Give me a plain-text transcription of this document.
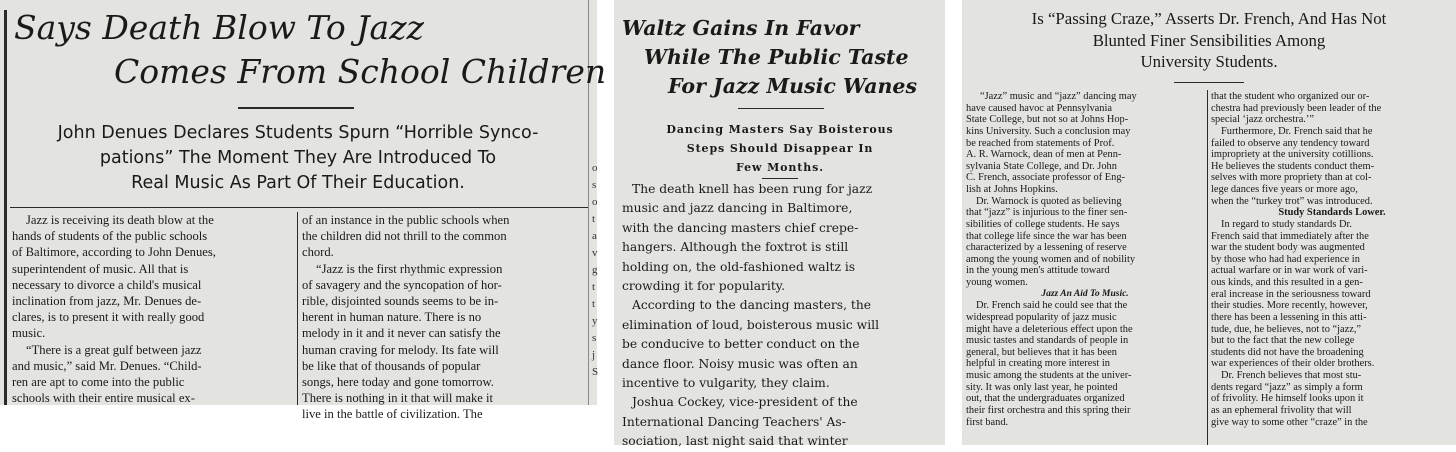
Says Death Blow To Jazz
Comes From School Children
John Denues Declares Students Spurn “Horrible Synco-
pations” The Moment They Are Introduced To
Real Music As Part Of Their Education.
Jazz is receiving its death blow at the
hands of students of the public schools
of Baltimore, according to John Denues,
superintendent of music. All that is
necessary to divorce a child's musical
inclination from jazz, Mr. Denues de-
clares, is to present it with really good
music.
“There is a great gulf between jazz
and music,” said Mr. Denues. “Child-
ren are apt to come into the public
schools with their entire musical ex-
of an instance in the public schools when
the children did not thrill to the common
chord.
“Jazz is the first rhythmic expression
of savagery and the syncopation of hor-
rible, disjointed sounds seems to be in-
herent in human nature. There is no
melody in it and it never can satisfy the
human craving for melody. Its fate will
be like that of thousands of popular
songs, here today and gone tomorrow.
There is nothing in it that will make it
live in the battle of civilization. The
o
s
o
t
a
v
g
t
t
y
s
j
S
Waltz Gains In Favor
While The Public Taste
For Jazz Music Wanes
Dancing Masters Say Boisterous
Steps Should Disappear In
Few Months.
The death knell has been rung for jazz
music and jazz dancing in Baltimore,
with the dancing masters chief crepe-
hangers. Although the foxtrot is still
holding on, the old-fashioned waltz is
crowding it for popularity.
According to the dancing masters, the
elimination of loud, boisterous music will
be conducive to better conduct on the
dance floor. Noisy music was often an
incentive to vulgarity, they claim.
Joshua Cockey, vice-president of the
International Dancing Teachers' As-
sociation, last night said that winter
Is “Passing Craze,” Asserts Dr. French, And Has Not
Blunted Finer Sensibilities Among
University Students.
“Jazz” music and “jazz” dancing may
have caused havoc at Pennsylvania
State College, but not so at Johns Hop-
kins University. Such a conclusion may
be reached from statements of Prof.
A. R. Warnock, dean of men at Penn-
sylvania State College, and Dr. John
C. French, associate professor of Eng-
lish at Johns Hopkins.
Dr. Warnock is quoted as believing
that “jazz” is injurious to the finer sen-
sibilities of college students. He says
that college life since the war has been
characterized by a lessening of reserve
among the young women and of nobility
in the young men's attitude toward
young women.
Jazz An Aid To Music.
Dr. French said he could see that the
widespread popularity of jazz music
might have a deleterious effect upon the
music tastes and standards of people in
general, but believes that it has been
helpful in creating more interest in
music among the students at the univer-
sity. It was only last year, he pointed
out, that the undergraduates organized
their first orchestra and this spring their
first band.
that the student who organized our or-
chestra had previously been leader of the
special ‘jazz orchestra.’”
Furthermore, Dr. French said that he
failed to observe any tendency toward
impropriety at the university cotillions.
He believes the students conduct them-
selves with more propriety than at col-
lege dances five years or more ago,
when the “turkey trot” was introduced.
Study Standards Lower.
In regard to study standards Dr.
French said that immediately after the
war the student body was augmented
by those who had had experience in
actual warfare or in war work of vari-
ous kinds, and this resulted in a gen-
eral increase in the seriousness toward
their studies. More recently, however,
there has been a lessening in this atti-
tude, due, he believes, not to “jazz,”
but to the fact that the new college
students did not have the broadening
war experiences of their older brothers.
Dr. French believes that most stu-
dents regard “jazz” as simply a form
of frivolity. He himself looks upon it
as an ephemeral frivolity that will
give way to some other “craze” in the
